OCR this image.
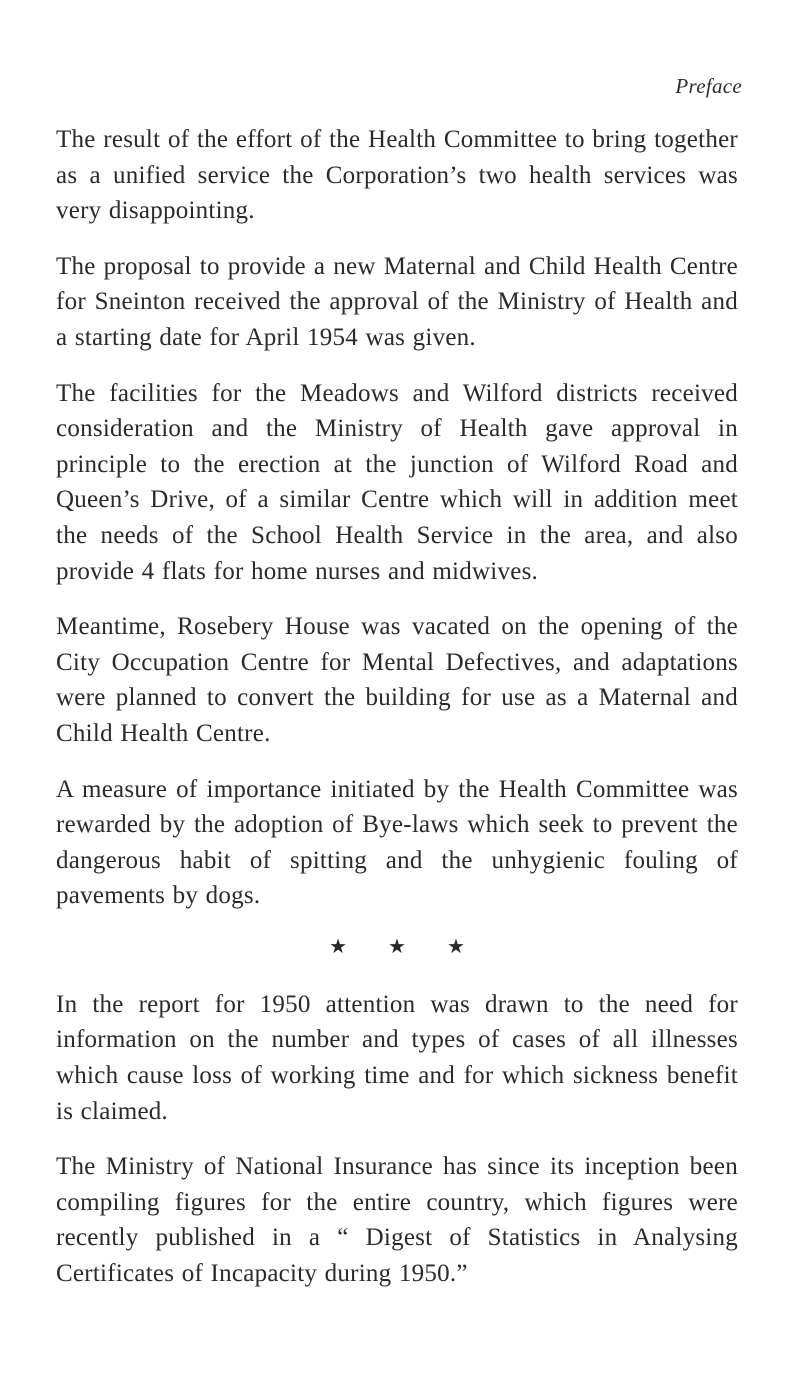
Preface

The result of the effort of the Health Committee to bring together as a unified service the Corporation’s two health services was very disappointing.

The proposal to provide a new Maternal and Child Health Centre for Sneinton received the approval of the Ministry of Health and a starting date for April 1954 was given.

The facilities for the Meadows and Wilford districts received consideration and the Ministry of Health gave approval in principle to the erection at the junction of Wilford Road and Queen’s Drive, of a similar Centre which will in addition meet the needs of the School Health Service in the area, and also provide 4 flats for home nurses and midwives.

Meantime, Rosebery House was vacated on the opening of the City Occupation Centre for Mental Defectives, and adaptations were planned to convert the building for use as a Maternal and Child Health Centre.

A measure of importance initiated by the Health Committee was rewarded by the adoption of Bye-laws which seek to prevent the dangerous habit of spitting and the unhygienic fouling of pavements by dogs.

★ ★ ★

In the report for 1950 attention was drawn to the need for information on the number and types of cases of all illnesses which cause loss of working time and for which sickness benefit is claimed.

The Ministry of National Insurance has since its inception been compiling figures for the entire country, which figures were recently published in a “ Digest of Statistics in Analysing Certificates of Incapacity during 1950.”
